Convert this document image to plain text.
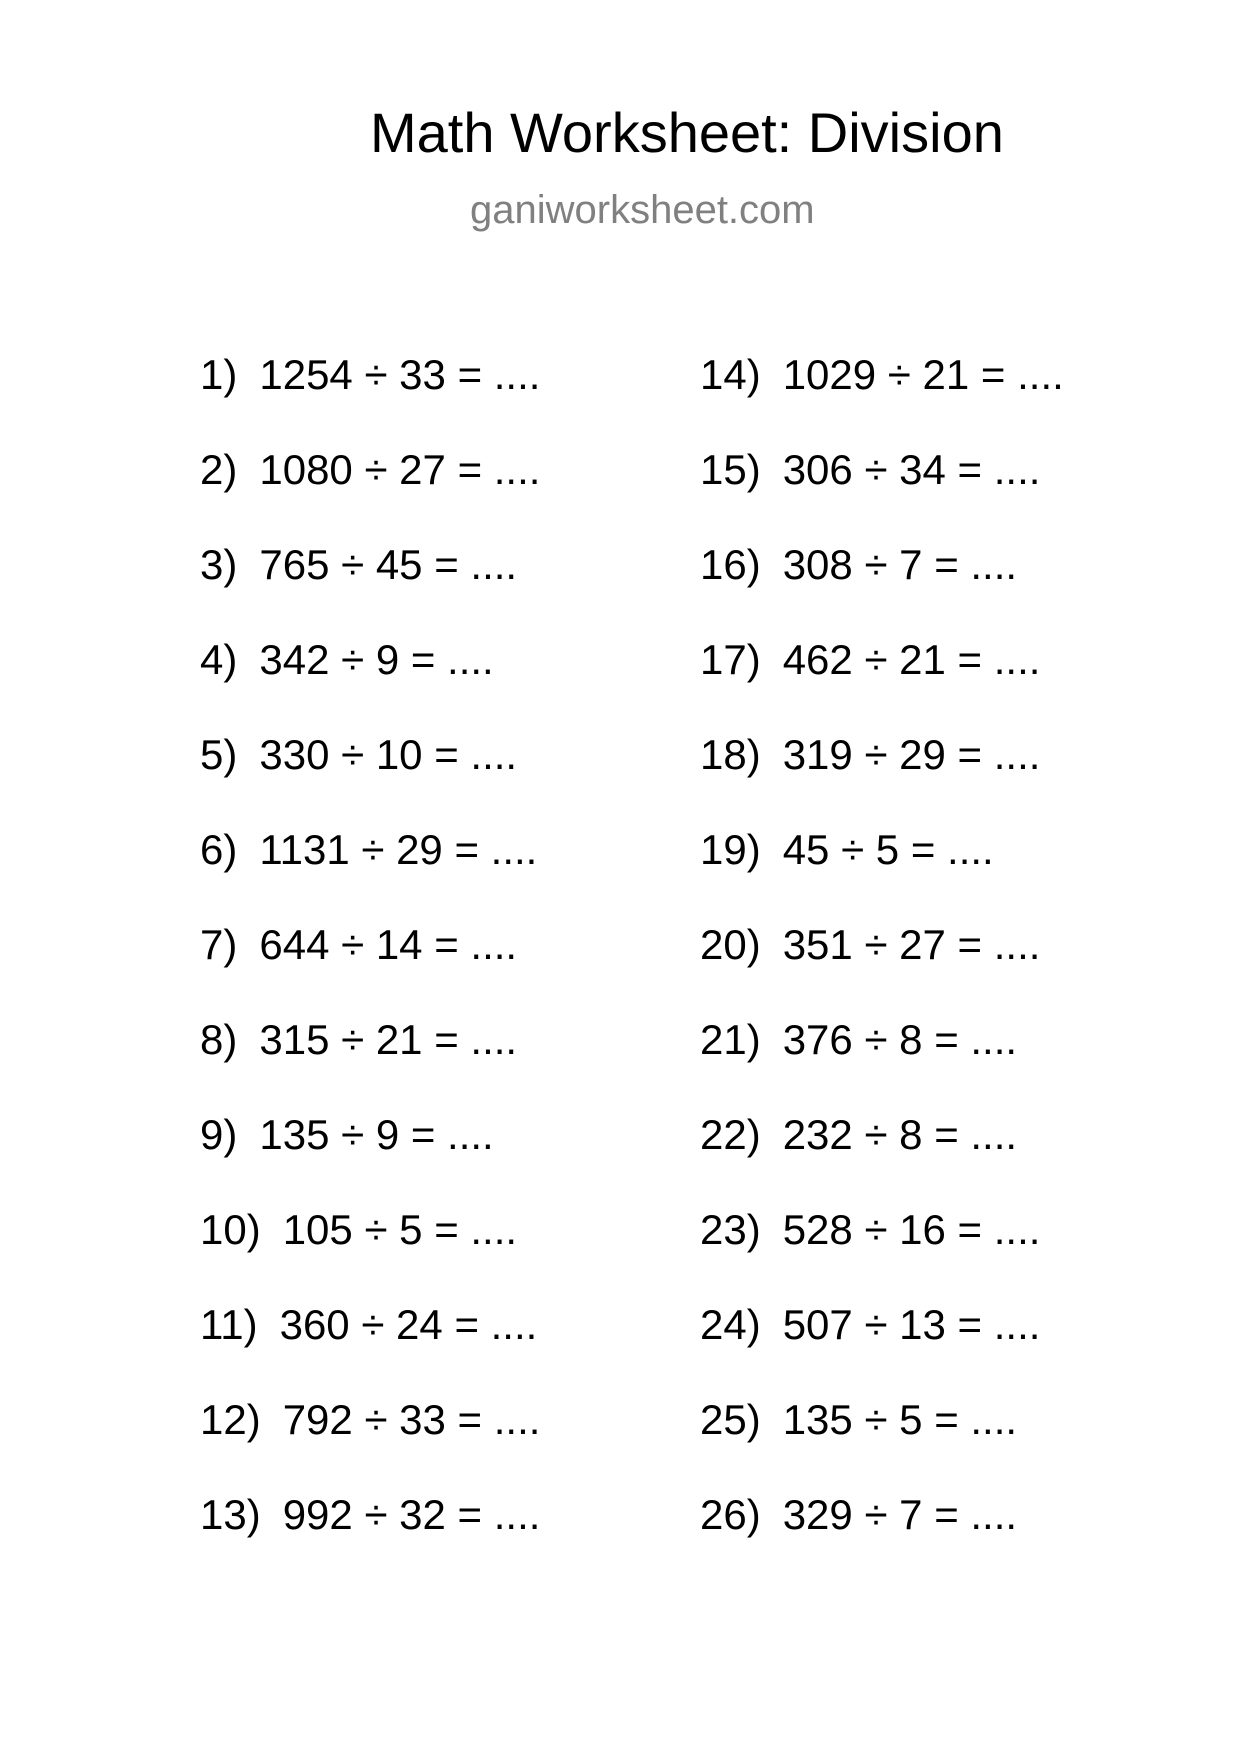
Math Worksheet: Division
ganiworksheet.com
1) 1254 ÷ 33 = ....
2) 1080 ÷ 27 = ....
3) 765 ÷ 45 = ....
4) 342 ÷ 9 = ....
5) 330 ÷ 10 = ....
6) 1131 ÷ 29 = ....
7) 644 ÷ 14 = ....
8) 315 ÷ 21 = ....
9) 135 ÷ 9 = ....
10) 105 ÷ 5 = ....
11) 360 ÷ 24 = ....
12) 792 ÷ 33 = ....
13) 992 ÷ 32 = ....
14) 1029 ÷ 21 = ....
15) 306 ÷ 34 = ....
16) 308 ÷ 7 = ....
17) 462 ÷ 21 = ....
18) 319 ÷ 29 = ....
19) 45 ÷ 5 = ....
20) 351 ÷ 27 = ....
21) 376 ÷ 8 = ....
22) 232 ÷ 8 = ....
23) 528 ÷ 16 = ....
24) 507 ÷ 13 = ....
25) 135 ÷ 5 = ....
26) 329 ÷ 7 = ....
